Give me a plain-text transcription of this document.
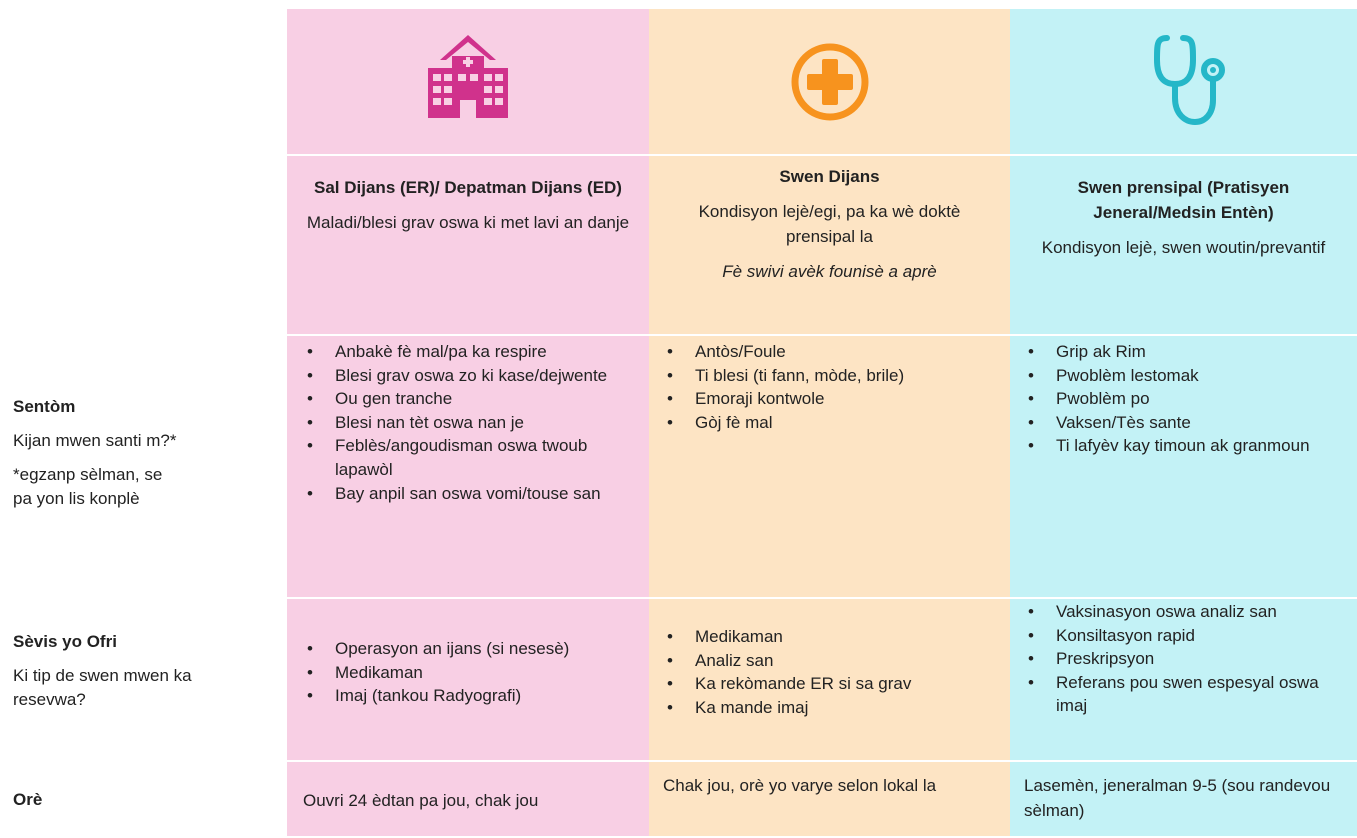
Sal Dijans (ER)/ Depatman Dijans (ED)
Maladi/blesi grav oswa ki met lavi an danje
Swen Dijans
Kondisyon lejè/egi, pa ka wè doktè prensipal la
Fè swivi avèk founisè a aprè
Swen prensipal (Pratisyen Jeneral/Medsin Entèn)
Kondisyon lejè, swen woutin/prevantif
Sentòm
Kijan mwen santi m?*
*egzanp sèlman, se pa yon lis konplè
Sèvis yo Ofri
Ki tip de swen mwen ka resevwa?
Orè
• Anbakè fè mal/pa ka respire
• Blesi grav oswa zo ki kase/dejwente
• Ou gen tranche
• Blesi nan tèt oswa nan je
• Feblès/angoudisman oswa twoub lapawòl
• Bay anpil san oswa vomi/touse san
• Antòs/Foule
• Ti blesi (ti fann, mòde, brile)
• Emoraji kontwole
• Gòj fè mal
• Grip ak Rim
• Pwoblèm lestomak
• Pwoblèm po
• Vaksen/Tès sante
• Ti lafyèv kay timoun ak granmoun
• Operasyon an ijans (si nesesè)
• Medikaman
• Imaj (tankou Radyografi)
• Medikaman
• Analiz san
• Ka rekòmande ER si sa grav
• Ka mande imaj
• Vaksinasyon oswa analiz san
• Konsiltasyon rapid
• Preskripsyon
• Referans pou swen espesyal oswa imaj
Ouvri 24 èdtan pa jou, chak jou
Chak jou, orè yo varye selon lokal la	Lasemèn, jeneralman 9-5 (sou randevou sèlman)
